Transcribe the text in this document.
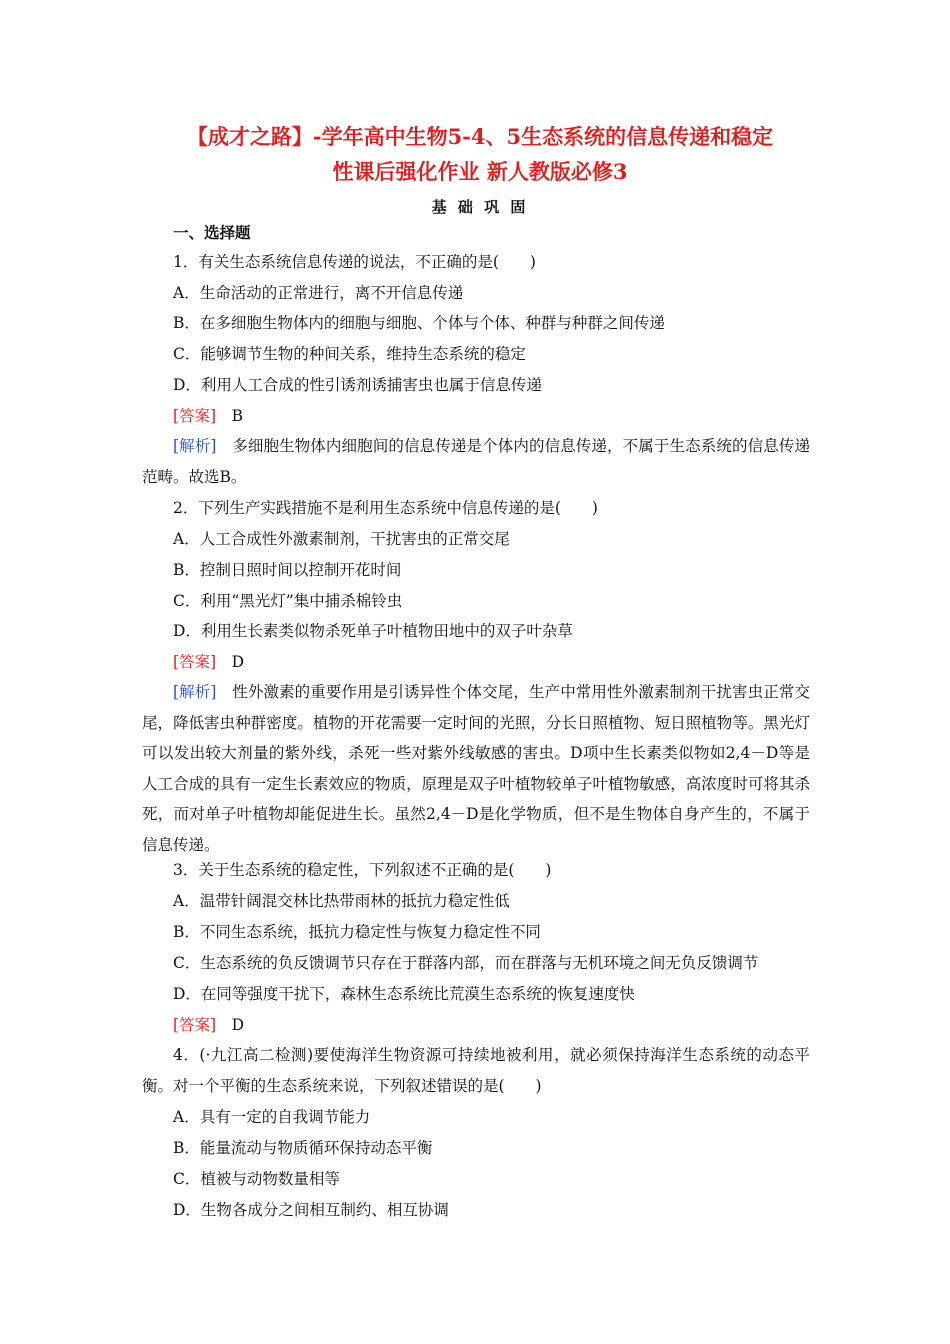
【成才之路】-学年高中生物5-4、5生态系统的信息传递和稳定
性课后强化作业 新人教版必修3
基 础 巩 固
一、选择题
1．有关生态系统信息传递的说法，不正确的是(　　)
A．生命活动的正常进行，离不开信息传递
B．在多细胞生物体内的细胞与细胞、个体与个体、种群与种群之间传递
C．能够调节生物的种间关系，维持生态系统的稳定
D．利用人工合成的性引诱剂诱捕害虫也属于信息传递
[答案]　 B
[解析]　 多细胞生物体内细胞间的信息传递是个体内的信息传递，不属于生态系统的信息传递范畴。故选B。
2．下列生产实践措施不是利用生态系统中信息传递的是(　　)
A．人工合成性外激素制剂，干扰害虫的正常交尾
B．控制日照时间以控制开花时间
C．利用“黑光灯”集中捕杀棉铃虫
D．利用生长素类似物杀死单子叶植物田地中的双子叶杂草
[答案]　 D
[解析]　 性外激素的重要作用是引诱异性个体交尾，生产中常用性外激素制剂干扰害虫正常交尾，降低害虫种群密度。植物的开花需要一定时间的光照，分长日照植物、短日照植物等。黑光灯可以发出较大剂量的紫外线，杀死一些对紫外线敏感的害虫。D项中生长素类似物如2,4－D等是人工合成的具有一定生长素效应的物质，原理是双子叶植物较单子叶植物敏感，高浓度时可将其杀死，而对单子叶植物却能促进生长。虽然2,4－D是化学物质，但不是生物体自身产生的，不属于信息传递。
3．关于生态系统的稳定性，下列叙述不正确的是(　　)
A．温带针阔混交林比热带雨林的抵抗力稳定性低
B．不同生态系统，抵抗力稳定性与恢复力稳定性不同
C．生态系统的负反馈调节只存在于群落内部，而在群落与无机环境之间无负反馈调节
D．在同等强度干扰下，森林生态系统比荒漠生态系统的恢复速度快
[答案]　 D
4．(·九江高二检测)要使海洋生物资源可持续地被利用，就必须保持海洋生态系统的动态平衡。对一个平衡的生态系统来说，下列叙述错误的是(　　)
A．具有一定的自我调节能力
B．能量流动与物质循环保持动态平衡
C．植被与动物数量相等
D．生物各成分之间相互制约、相互协调
